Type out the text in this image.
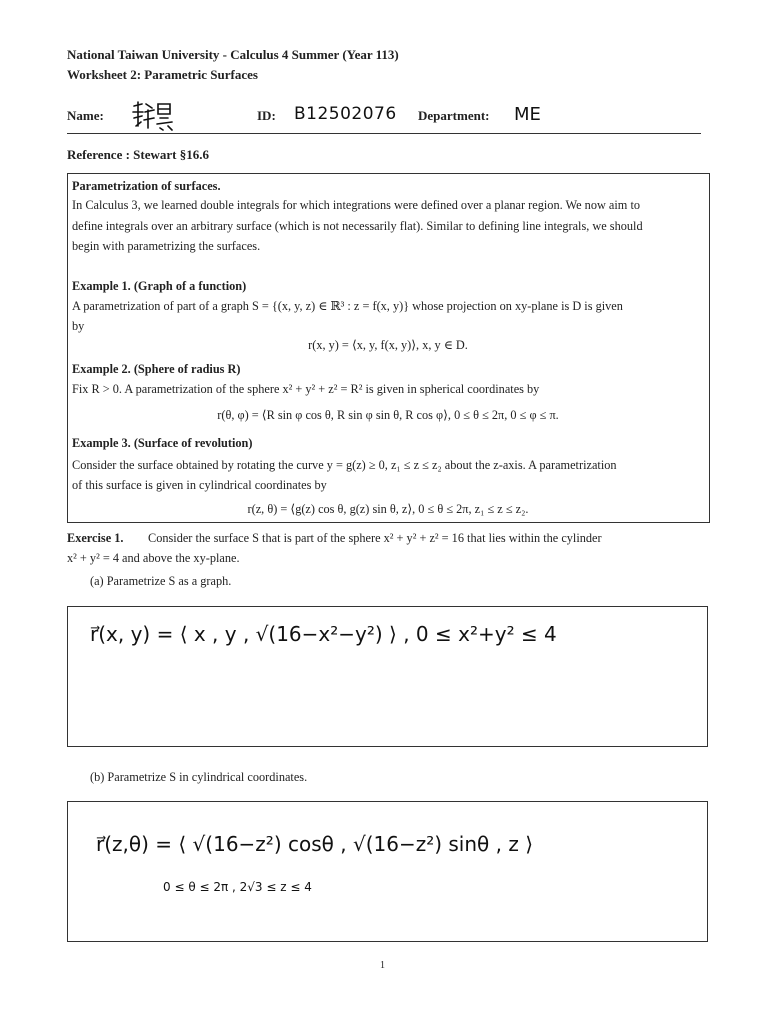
National Taiwan University - Calculus 4 Summer (Year 113)
Worksheet 2: Parametric Surfaces
Name:	ID: B12502076 Department: ME
Reference : Stewart §16.6
Parametrization of surfaces.
In Calculus 3, we learned double integrals for which integrations were defined over a planar region. We now aim to
define integrals over an arbitrary surface (which is not necessarily flat). Similar to defining line integrals, we should
begin with parametrizing the surfaces.
Example 1. (Graph of a function)
A parametrization of part of a graph S = {(x, y, z) ∈ ℝ³ : z = f(x, y)} whose projection on xy-plane is D is given
by
r(x, y) = ⟨x, y, f(x, y)⟩, x, y ∈ D.
Example 2. (Sphere of radius R)
Fix R > 0. A parametrization of the sphere x² + y² + z² = R² is given in spherical coordinates by
r(θ, φ) = ⟨R sin φ cos θ, R sin φ sin θ, R cos φ⟩, 0 ≤ θ ≤ 2π, 0 ≤ φ ≤ π.
Example 3. (Surface of revolution)
Consider the surface obtained by rotating the curve y = g(z) ≥ 0, z₁ ≤ z ≤ z₂ about the z-axis. A parametrization
of this surface is given in cylindrical coordinates by
r(z, θ) = ⟨g(z) cos θ, g(z) sin θ, z⟩, 0 ≤ θ ≤ 2π, z₁ ≤ z ≤ z₂.
Exercise 1. Consider the surface S that is part of the sphere x² + y² + z² = 16 that lies within the cylinder
x² + y² = 4 and above the xy-plane.
(a) Parametrize S as a graph.
r⃗(x, y) = ⟨ x , y , √(16−x²−y²) ⟩ , 0 ≤ x²+y² ≤ 4
(b) Parametrize S in cylindrical coordinates.
r⃗(z,θ) = ⟨ √(16−z²) cosθ , √(16−z²) sinθ , z ⟩
0 ≤ θ ≤ 2π , 2√3 ≤ z ≤ 4
1
